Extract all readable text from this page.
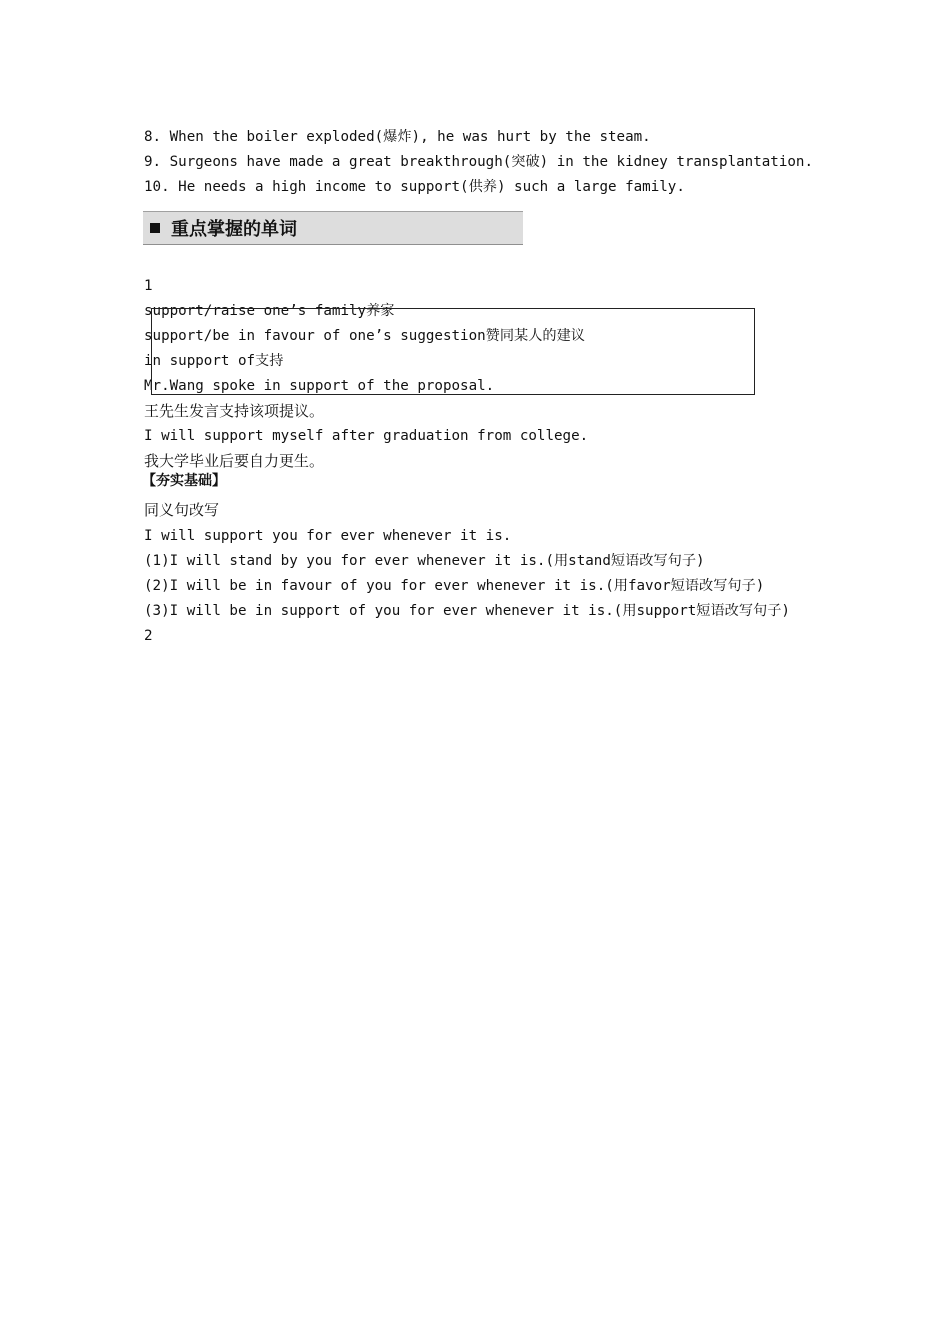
8. When the boiler exploded(爆炸), he was hurt by the steam.
9. Surgeons have made a great breakthrough(突破) in the kidney transplantation.
10. He needs a high income to support(供养) such a large family.
重点掌握的单词
1
support/raise one’s family养家
support/be in favour of one’s suggestion赞同某人的建议
in support of支持
Mr.Wang spoke in support of the proposal.
王先生发言支持该项提议。
I will support myself after graduation from college.
我大学毕业后要自力更生。
【夯实基础】
同义句改写
I will support you for ever whenever it is.
(1)I will stand by you for ever whenever it is.(用stand短语改写句子)
(2)I will be in favour of you for ever whenever it is.(用favor短语改写句子)
(3)I will be in support of you for ever whenever it is.(用support短语改写句子)
2
